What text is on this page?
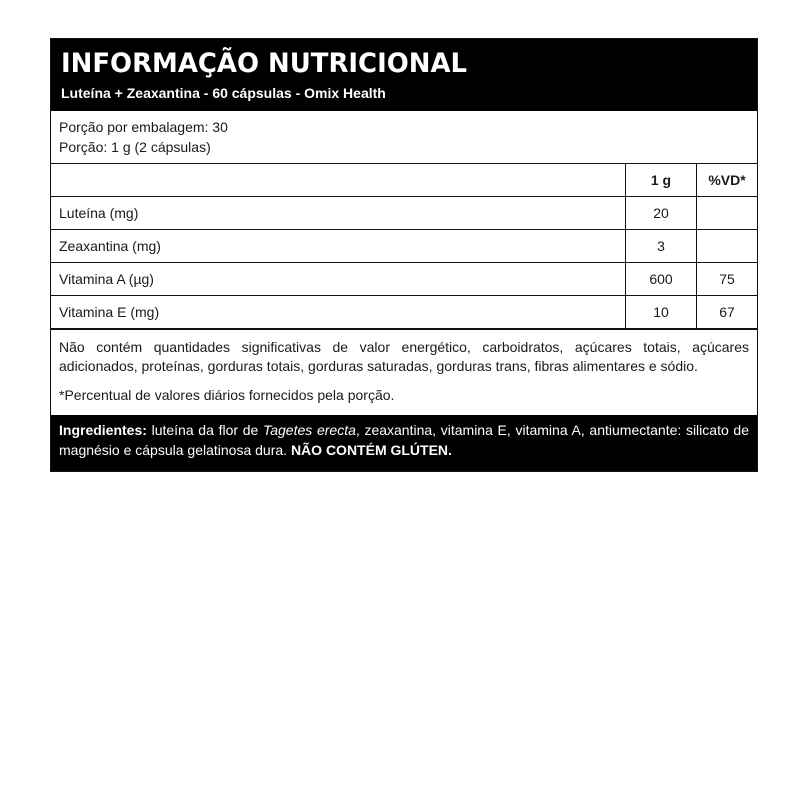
INFORMAÇÃO NUTRICIONAL
Luteína + Zeaxantina - 60 cápsulas - Omix Health
Porção por embalagem: 30
Porção: 1 g (2 cápsulas)
	1 g	%VD*
Luteína (mg)	20	
Zeaxantina (mg)	3	
Vitamina A (µg)	600	75
Vitamina E (mg)	10	67
Não contém quantidades significativas de valor energético, carboidratos, açúcares totais, açúcares adicionados, proteínas, gorduras totais, gorduras saturadas, gorduras trans, fibras alimentares e sódio.
*Percentual de valores diários fornecidos pela porção.
Ingredientes: luteína da flor de Tagetes erecta, zeaxantina, vitamina E, vitamina A, antiumectante: silicato de magnésio e cápsula gelatinosa dura. NÃO CONTÉM GLÚTEN.
